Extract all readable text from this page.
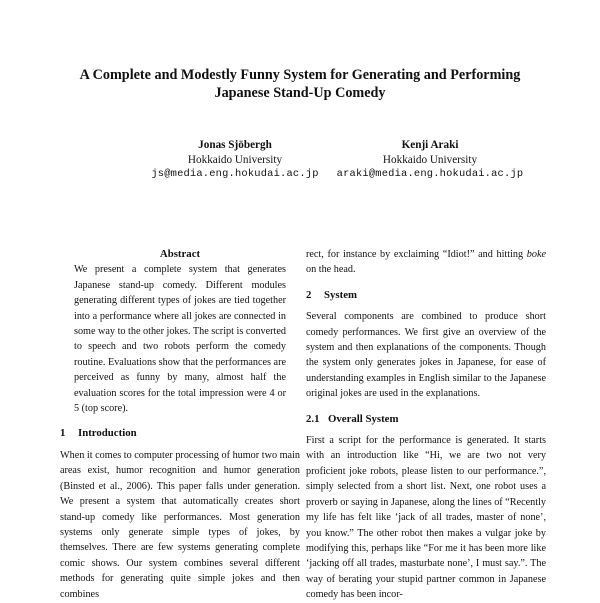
A Complete and Modestly Funny System for Generating and Performing Japanese Stand-Up Comedy
Jonas Sjöbergh
Hokkaido University
js@media.eng.hokudai.ac.jp
Kenji Araki
Hokkaido University
araki@media.eng.hokudai.ac.jp

Abstract

We present a complete system that generates Japanese stand-up comedy. Different modules generating different types of jokes are tied together into a performance where all jokes are connected in some way to the other jokes. The script is converted to speech and two robots perform the comedy routine. Evaluations show that the performances are perceived as funny by many, almost half the evaluation scores for the total impression were 4 or 5 (top score).

1 Introduction

When it comes to computer processing of humor two main areas exist, humor recognition and humor generation (Binsted et al., 2006). This paper falls under generation. We present a system that automatically creates short stand-up comedy like performances. Most generation systems only generate simple types of jokes, by themselves. There are few systems generating complete comic shows. Our system combines several different methods for generating quite simple jokes and then combines

rect, for instance by exclaiming “Idiot!” and hitting boke on the head.

2 System

Several components are combined to produce short comedy performances. We first give an overview of the system and then explanations of the components. Though the system only generates jokes in Japanese, for ease of understanding examples in English similar to the Japanese original jokes are used in the explanations.

2.1 Overall System

First a script for the performance is generated. It starts with an introduction like “Hi, we are two not very proficient joke robots, please listen to our performance.”, simply selected from a short list. Next, one robot uses a proverb or saying in Japanese, along the lines of “Recently my life has felt like ‘jack of all trades, master of none’, you know.” The other robot then makes a vulgar joke by modifying this, perhaps like “For me it has been more like ‘jacking off all trades, masturbate none’, I must say.”. The way of berating your stupid partner common in Japanese comedy has been incor-
